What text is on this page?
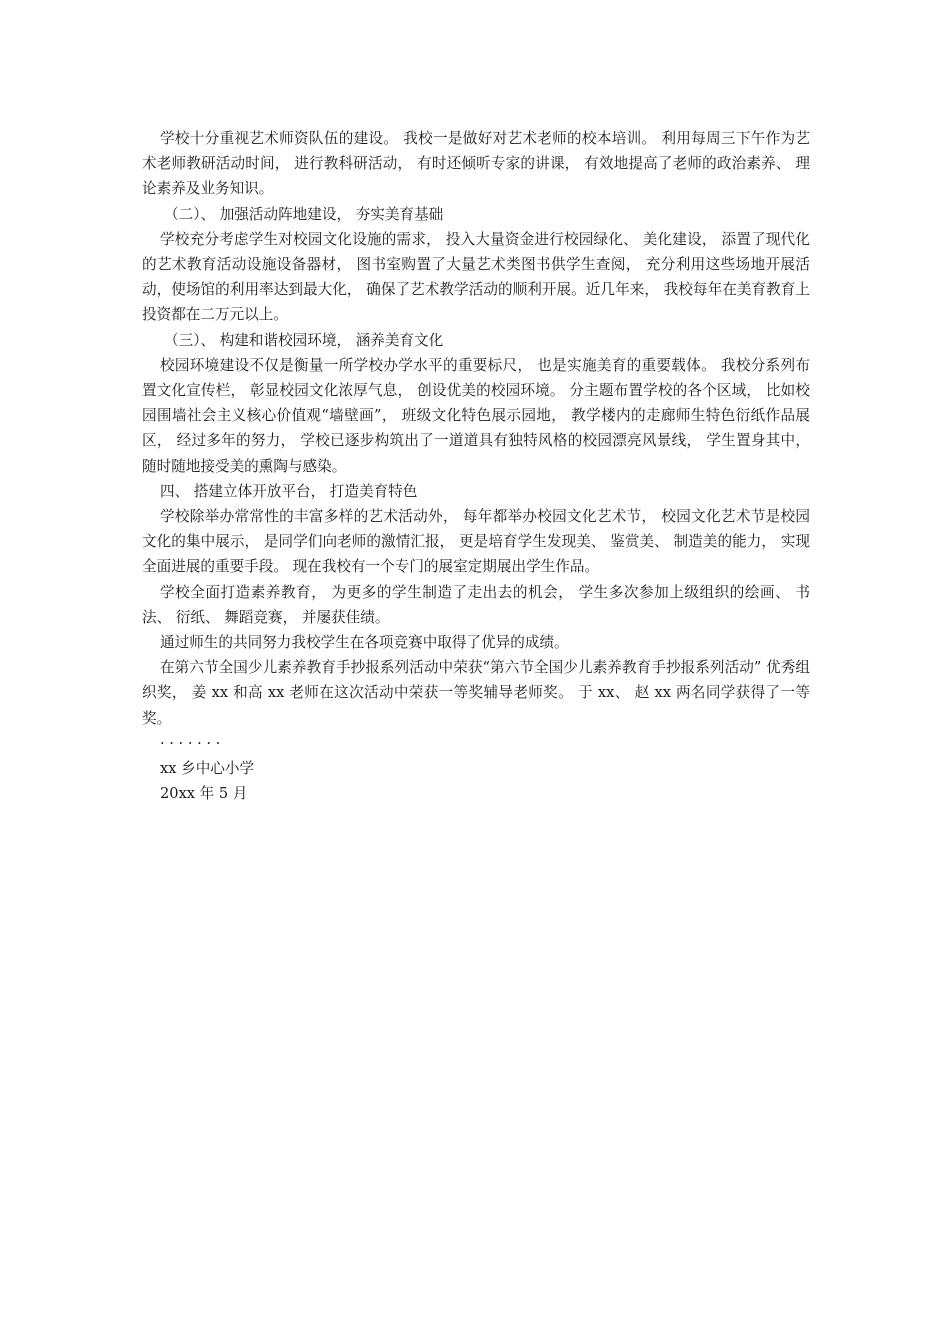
学校十分重视艺术师资队伍的建设。 我校一是做好对艺术老师的校本培训。 利用每周三下午作为艺术老师教研活动时间， 进行教科研活动， 有时还倾听专家的讲课， 有效地提高了老师的政治素养、 理论素养及业务知识。

（二）、 加强活动阵地建设， 夯实美育基础

学校充分考虑学生对校园文化设施的需求， 投入大量资金进行校园绿化、 美化建设， 添置了现代化的艺术教育活动设施设备器材， 图书室购置了大量艺术类图书供学生查阅， 充分利用这些场地开展活动，使场馆的利用率达到最大化， 确保了艺术教学活动的顺利开展。近几年来， 我校每年在美育教育上投资都在二万元以上。

（三）、 构建和谐校园环境， 涵养美育文化

校园环境建设不仅是衡量一所学校办学水平的重要标尺， 也是实施美育的重要载体。 我校分系列布置文化宣传栏， 彰显校园文化浓厚气息， 创设优美的校园环境。 分主题布置学校的各个区域， 比如校园围墙社会主义核心价值观“墙壁画”， 班级文化特色展示园地， 教学楼内的走廊师生特色衍纸作品展区， 经过多年的努力， 学校已逐步构筑出了一道道具有独特风格的校园漂亮风景线， 学生置身其中， 随时随地接受美的熏陶与感染。

四、 搭建立体开放平台， 打造美育特色

学校除举办常常性的丰富多样的艺术活动外， 每年都举办校园文化艺术节， 校园文化艺术节是校园文化的集中展示， 是同学们向老师的激情汇报， 更是培育学生发现美、 鉴赏美、 制造美的能力， 实现全面进展的重要手段。 现在我校有一个专门的展室定期展出学生作品。

学校全面打造素养教育， 为更多的学生制造了走出去的机会， 学生多次参加上级组织的绘画、 书法、 衍纸、 舞蹈竞赛， 并屡获佳绩。

通过师生的共同努力我校学生在各项竞赛中取得了优异的成绩。

在第六节全国少儿素养教育手抄报系列活动中荣获“第六节全国少儿素养教育手抄报系列活动” 优秀组织奖， 姜 xx 和高 xx 老师在这次活动中荣获一等奖辅导老师奖。 于 xx、 赵 xx 两名同学获得了一等奖。

· · · · · · ·

xx 乡中心小学

20xx 年 5 月
